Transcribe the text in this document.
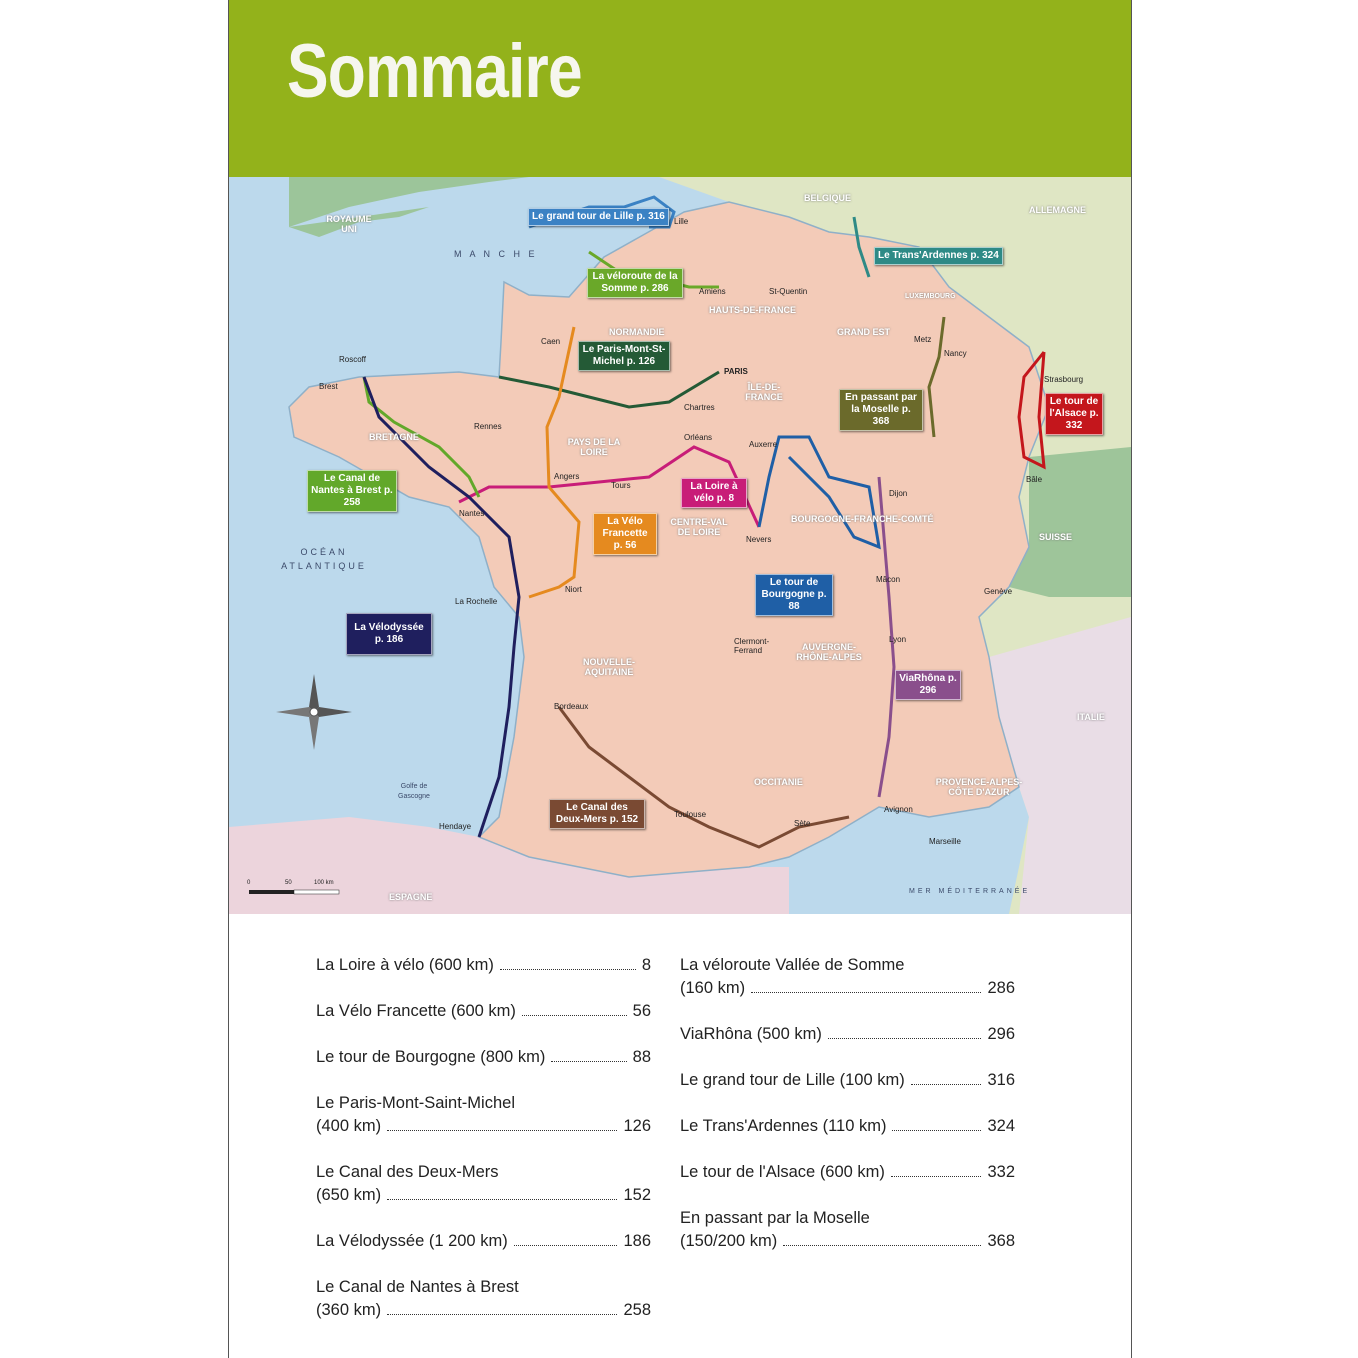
Sommaire
M A N C H E
OCÉAN ATLANTIQUE
MER MÉDITERRANÉE
Golfe de Gascogne
ROYAUME UNI
BELGIQUE
ALLEMAGNE
LUXEMBOURG
SUISSE
ITALIE
ESPAGNE
HAUTS-DE-FRANCE
NORMANDIE
BRETAGNE
GRAND EST
ÎLE-DE-FRANCE
PAYS DE LA LOIRE
CENTRE-VAL DE LOIRE
BOURGOGNE-FRANCHE-COMTÉ
NOUVELLE-AQUITAINE
AUVERGNE-RHÔNE-ALPES
OCCITANIE	PROVENCE-ALPES-CÔTE D'AZUR
Lille
PARIS
Nantes
Angers
Tours
Orléans
Nevers
Auxerre
Dijon
Mâcon
Lyon
Bordeaux
Toulouse
Marseille
Avignon
Sète
Strasbourg
Nancy
Metz
Bâle
Genève
Roscoff
Brest
Rennes
Caen
La Rochelle
Niort
Hendaye
Amiens	St-Quentin
Chartres
Clermont-Ferrand
0	50	100 km
Le grand tour de Lille p. 316
La véloroute de la Somme p. 286
Le Paris-Mont-St-Michel p. 126
Le Trans'Ardennes p. 324
En passant par la Moselle p. 368
Le tour de l'Alsace p. 332
La Loire à vélo p. 8
Le Canal de Nantes à Brest p. 258
La Vélo Francette p. 56
Le tour de Bourgogne p. 88
La Vélodyssée p. 186
ViaRhôna p. 296
Le Canal des Deux-Mers p. 152
La Loire à vélo (600 km)	8
La Vélo Francette (600 km)	56
Le tour de Bourgogne (800 km)	88
Le Paris-Mont-Saint-Michel
(400 km)	126
Le Canal des Deux-Mers
(650 km)	152
La Vélodyssée (1 200 km)	186
Le Canal de Nantes à Brest
(360 km)	258
La véloroute Vallée de Somme
(160 km)	286
ViaRhôna (500 km)	296
Le grand tour de Lille (100 km)	316
Le Trans'Ardennes (110 km)	324
Le tour de l'Alsace (600 km)	332
En passant par la Moselle
(150/200 km)	368
